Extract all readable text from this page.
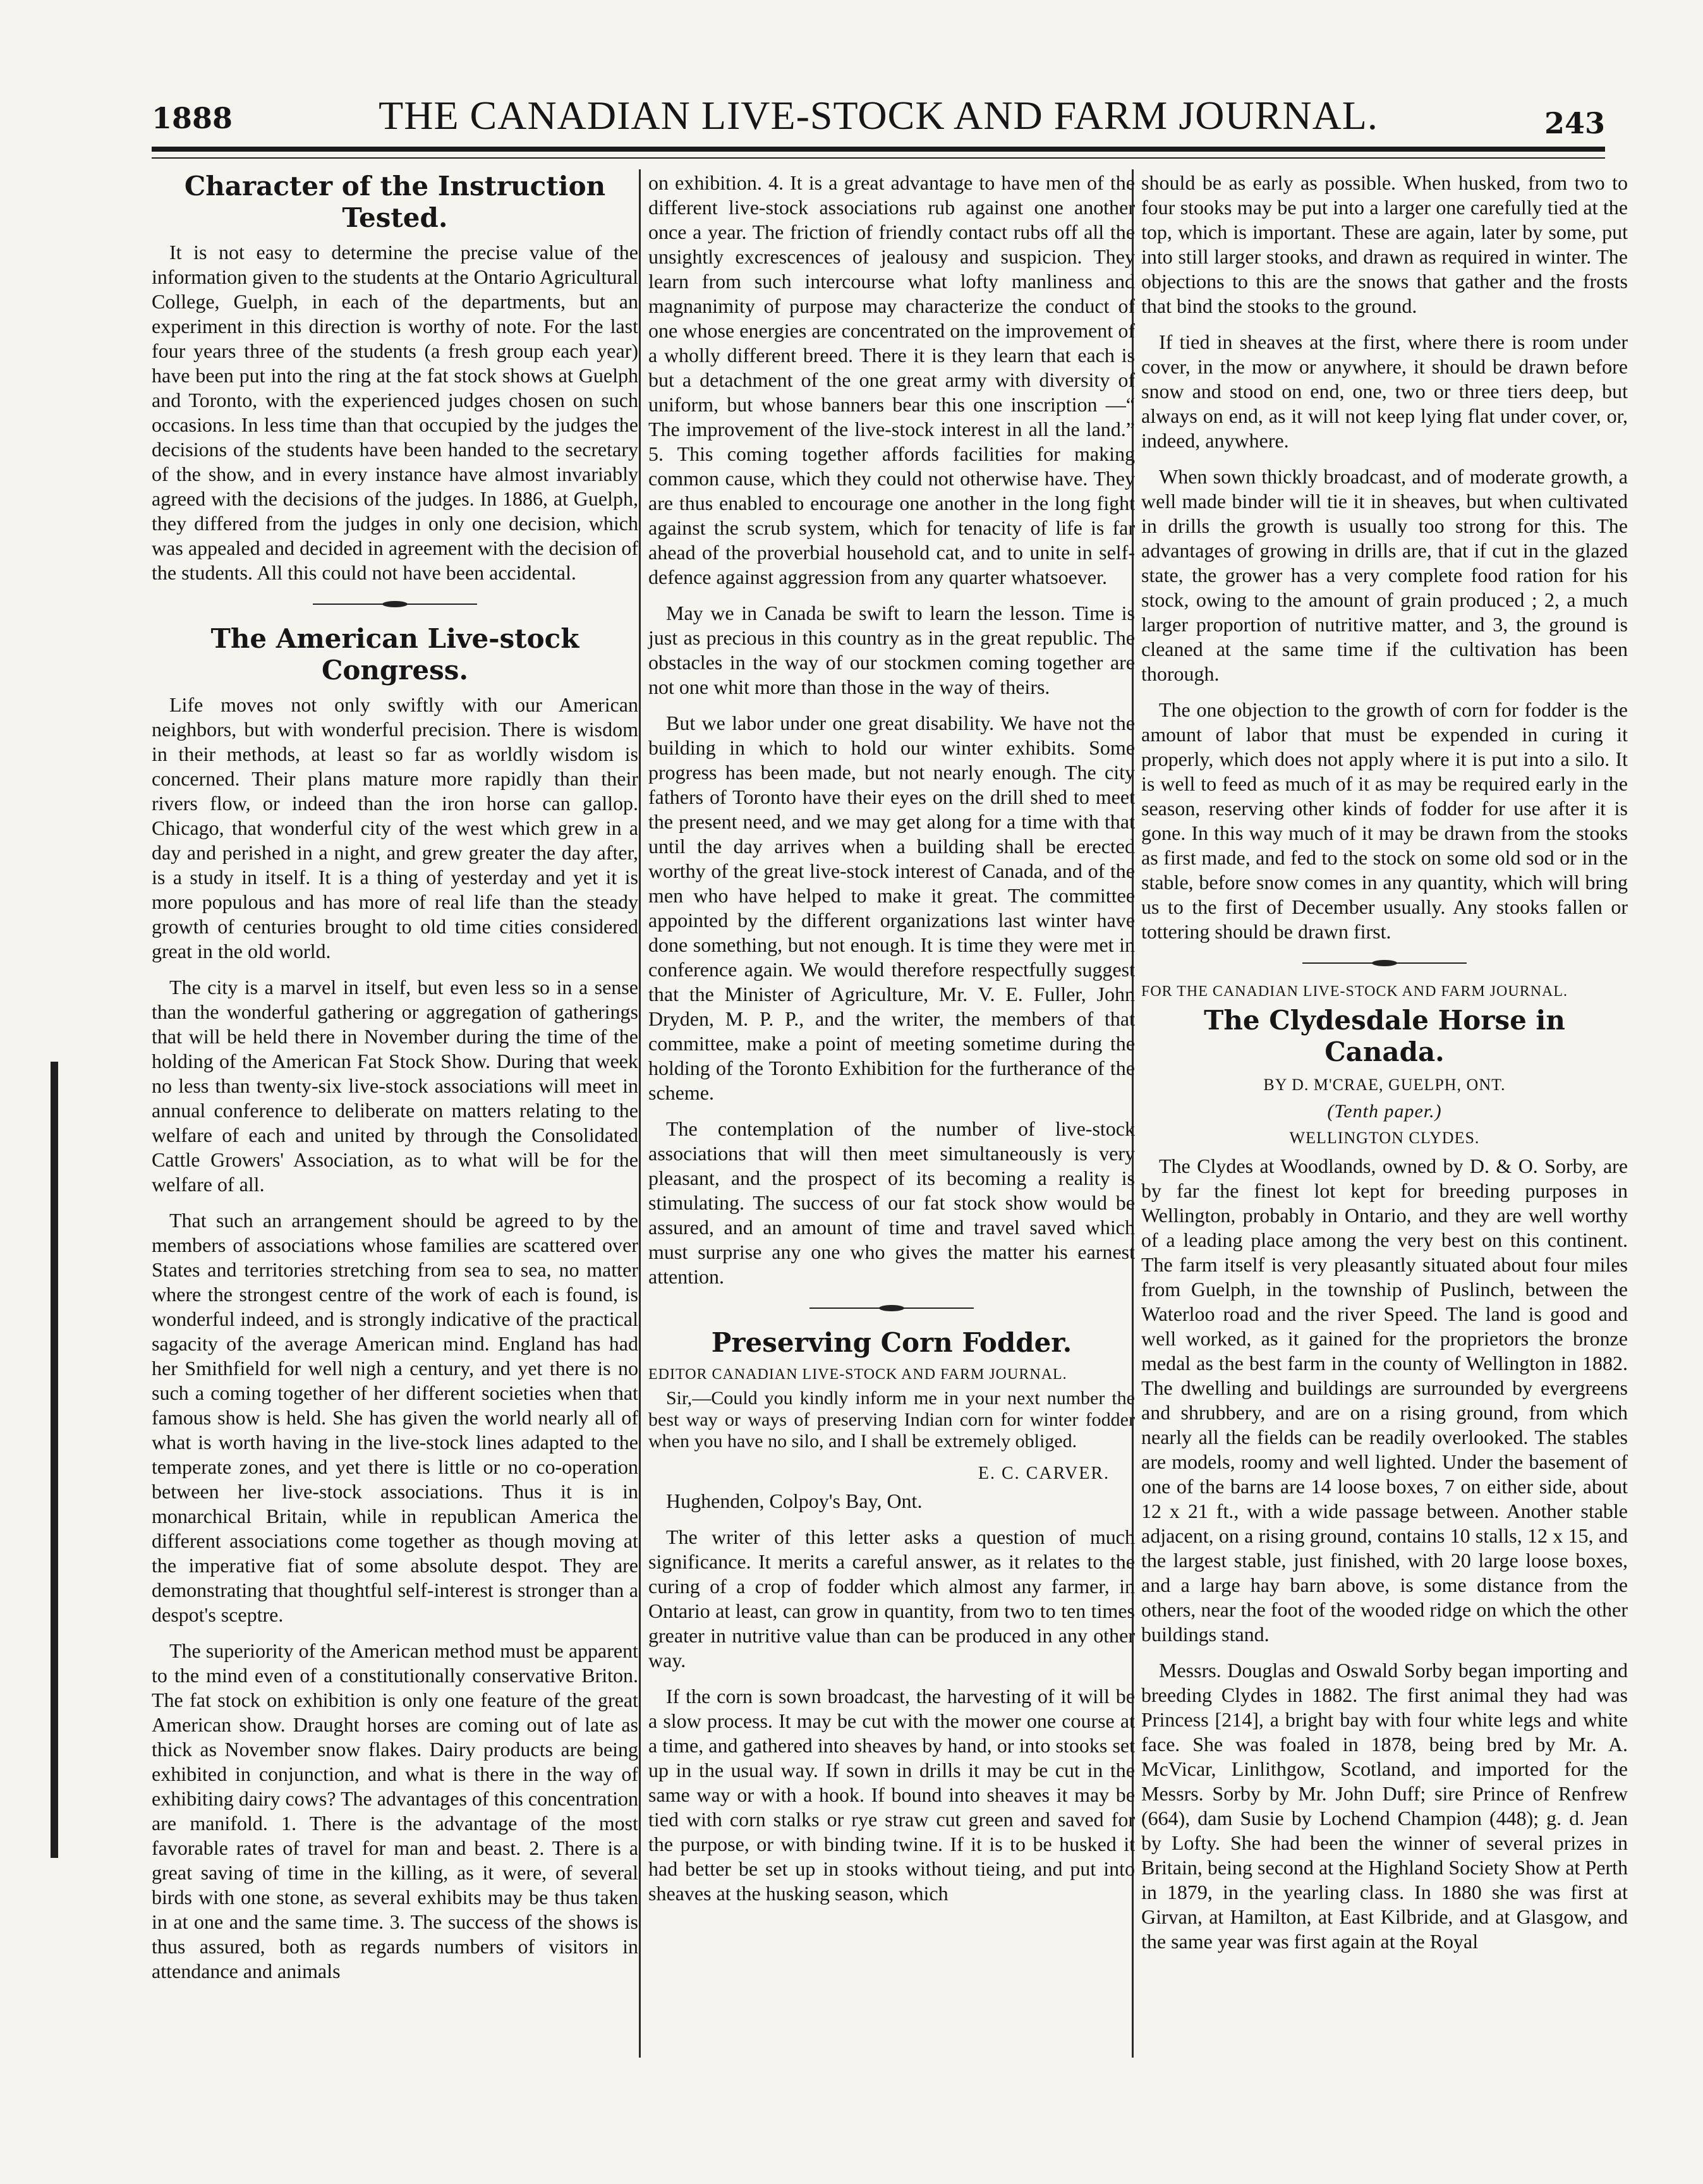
1888	THE CANADIAN LIVE-STOCK AND FARM JOURNAL.	243
Character of the Instruction Tested.

It is not easy to determine the precise value of the information given to the students at the Ontario Agricultural College, Guelph, in each of the departments, but an experiment in this direction is worthy of note. For the last four years three of the students (a fresh group each year) have been put into the ring at the fat stock shows at Guelph and Toronto, with the experienced judges chosen on such occasions. In less time than that occupied by the judges the decisions of the students have been handed to the secretary of the show, and in every instance have almost invariably agreed with the decisions of the judges. In 1886, at Guelph, they differed from the judges in only one decision, which was appealed and decided in agreement with the decision of the students. All this could not have been accidental.

The American Live-stock Congress.

Life moves not only swiftly with our American neighbors, but with wonderful precision. There is wisdom in their methods, at least so far as worldly wisdom is concerned. Their plans mature more rapidly than their rivers flow, or indeed than the iron horse can gallop. Chicago, that wonderful city of the west which grew in a day and perished in a night, and grew greater the day after, is a study in itself. It is a thing of yesterday and yet it is more populous and has more of real life than the steady growth of centuries brought to old time cities considered great in the old world.

The city is a marvel in itself, but even less so in a sense than the wonderful gathering or aggregation of gatherings that will be held there in November during the time of the holding of the American Fat Stock Show. During that week no less than twenty-six live-stock associations will meet in annual conference to deliberate on matters relating to the welfare of each and united by through the Consolidated Cattle Growers' Association, as to what will be for the welfare of all.

That such an arrangement should be agreed to by the members of associations whose families are scattered over States and territories stretching from sea to sea, no matter where the strongest centre of the work of each is found, is wonderful indeed, and is strongly indicative of the practical sagacity of the average American mind. England has had her Smithfield for well nigh a century, and yet there is no such a coming together of her different societies when that famous show is held. She has given the world nearly all of what is worth having in the live-stock lines adapted to the temperate zones, and yet there is little or no co-operation between her live-stock associations. Thus it is in monarchical Britain, while in republican America the different associations come together as though moving at the imperative fiat of some absolute despot. They are demonstrating that thoughtful self-interest is stronger than a despot's sceptre.

The superiority of the American method must be apparent to the mind even of a constitutionally conservative Briton. The fat stock on exhibition is only one feature of the great American show. Draught horses are coming out of late as thick as November snow flakes. Dairy products are being exhibited in conjunction, and what is there in the way of exhibiting dairy cows? The advantages of this concentration are manifold. 1. There is the advantage of the most favorable rates of travel for man and beast. 2. There is a great saving of time in the killing, as it were, of several birds with one stone, as several exhibits may be thus taken in at one and the same time. 3. The success of the shows is thus assured, both as regards numbers of visitors in attendance and animals

on exhibition. 4. It is a great advantage to have men of the different live-stock associations rub against one another once a year. The friction of friendly contact rubs off all the unsightly excrescences of jealousy and suspicion. They learn from such intercourse what lofty manliness and magnanimity of purpose may characterize the conduct of one whose energies are concentrated on the improvement of a wholly different breed. There it is they learn that each is but a detachment of the one great army with diversity of uniform, but whose banners bear this one inscription —“ The improvement of the live-stock interest in all the land.” 5. This coming together affords facilities for making common cause, which they could not otherwise have. They are thus enabled to encourage one another in the long fight against the scrub system, which for tenacity of life is far ahead of the proverbial household cat, and to unite in self-defence against aggression from any quarter whatsoever.

May we in Canada be swift to learn the lesson. Time is just as precious in this country as in the great republic. The obstacles in the way of our stockmen coming together are not one whit more than those in the way of theirs.

But we labor under one great disability. We have not the building in which to hold our winter exhibits. Some progress has been made, but not nearly enough. The city fathers of Toronto have their eyes on the drill shed to meet the present need, and we may get along for a time with that until the day arrives when a building shall be erected worthy of the great live-stock interest of Canada, and of the men who have helped to make it great. The committee appointed by the different organizations last winter have done something, but not enough. It is time they were met in conference again. We would therefore respectfully suggest that the Minister of Agriculture, Mr. V. E. Fuller, John Dryden, M. P. P., and the writer, the members of that committee, make a point of meeting sometime during the holding of the Toronto Exhibition for the furtherance of the scheme.

The contemplation of the number of live-stock associations that will then meet simultaneously is very pleasant, and the prospect of its becoming a reality is stimulating. The success of our fat stock show would be assured, and an amount of time and travel saved which must surprise any one who gives the matter his earnest attention.

Preserving Corn Fodder.
EDITOR CANADIAN LIVE-STOCK AND FARM JOURNAL.

Sir,—Could you kindly inform me in your next number the best way or ways of preserving Indian corn for winter fodder when you have no silo, and I shall be extremely obliged.

E. C. CARVER.

Hughenden, Colpoy's Bay, Ont.

The writer of this letter asks a question of much significance. It merits a careful answer, as it relates to the curing of a crop of fodder which almost any farmer, in Ontario at least, can grow in quantity, from two to ten times greater in nutritive value than can be produced in any other way.

If the corn is sown broadcast, the harvesting of it will be a slow process. It may be cut with the mower one course at a time, and gathered into sheaves by hand, or into stooks set up in the usual way. If sown in drills it may be cut in the same way or with a hook. If bound into sheaves it may be tied with corn stalks or rye straw cut green and saved for the purpose, or with binding twine. If it is to be husked it had better be set up in stooks without tieing, and put into sheaves at the husking season, which

should be as early as possible. When husked, from two to four stooks may be put into a larger one carefully tied at the top, which is important. These are again, later by some, put into still larger stooks, and drawn as required in winter. The objections to this are the snows that gather and the frosts that bind the stooks to the ground.

If tied in sheaves at the first, where there is room under cover, in the mow or anywhere, it should be drawn before snow and stood on end, one, two or three tiers deep, but always on end, as it will not keep lying flat under cover, or, indeed, anywhere.

When sown thickly broadcast, and of moderate growth, a well made binder will tie it in sheaves, but when cultivated in drills the growth is usually too strong for this. The advantages of growing in drills are, that if cut in the glazed state, the grower has a very complete food ration for his stock, owing to the amount of grain produced ; 2, a much larger proportion of nutritive matter, and 3, the ground is cleaned at the same time if the cultivation has been thorough.

The one objection to the growth of corn for fodder is the amount of labor that must be expended in curing it properly, which does not apply where it is put into a silo. It is well to feed as much of it as may be required early in the season, reserving other kinds of fodder for use after it is gone. In this way much of it may be drawn from the stooks as first made, and fed to the stock on some old sod or in the stable, before snow comes in any quantity, which will bring us to the first of December usually. Any stooks fallen or tottering should be drawn first.

FOR THE CANADIAN LIVE-STOCK AND FARM JOURNAL.
The Clydesdale Horse in Canada.
BY D. M'CRAE, GUELPH, ONT.
(Tenth paper.)
WELLINGTON CLYDES.

The Clydes at Woodlands, owned by D. & O. Sorby, are by far the finest lot kept for breeding purposes in Wellington, probably in Ontario, and they are well worthy of a leading place among the very best on this continent. The farm itself is very pleasantly situated about four miles from Guelph, in the township of Puslinch, between the Waterloo road and the river Speed. The land is good and well worked, as it gained for the proprietors the bronze medal as the best farm in the county of Wellington in 1882. The dwelling and buildings are surrounded by evergreens and shrubbery, and are on a rising ground, from which nearly all the fields can be readily overlooked. The stables are models, roomy and well lighted. Under the basement of one of the barns are 14 loose boxes, 7 on either side, about 12 x 21 ft., with a wide passage between. Another stable adjacent, on a rising ground, contains 10 stalls, 12 x 15, and the largest stable, just finished, with 20 large loose boxes, and a large hay barn above, is some distance from the others, near the foot of the wooded ridge on which the other buildings stand.

Messrs. Douglas and Oswald Sorby began importing and breeding Clydes in 1882. The first animal they had was Princess [214], a bright bay with four white legs and white face. She was foaled in 1878, being bred by Mr. A. McVicar, Linlithgow, Scotland, and imported for the Messrs. Sorby by Mr. John Duff; sire Prince of Renfrew (664), dam Susie by Lochend Champion (448); g. d. Jean by Lofty. She had been the winner of several prizes in Britain, being second at the Highland Society Show at Perth in 1879, in the yearling class. In 1880 she was first at Girvan, at Hamilton, at East Kilbride, and at Glasgow, and the same year was first again at the Royal
